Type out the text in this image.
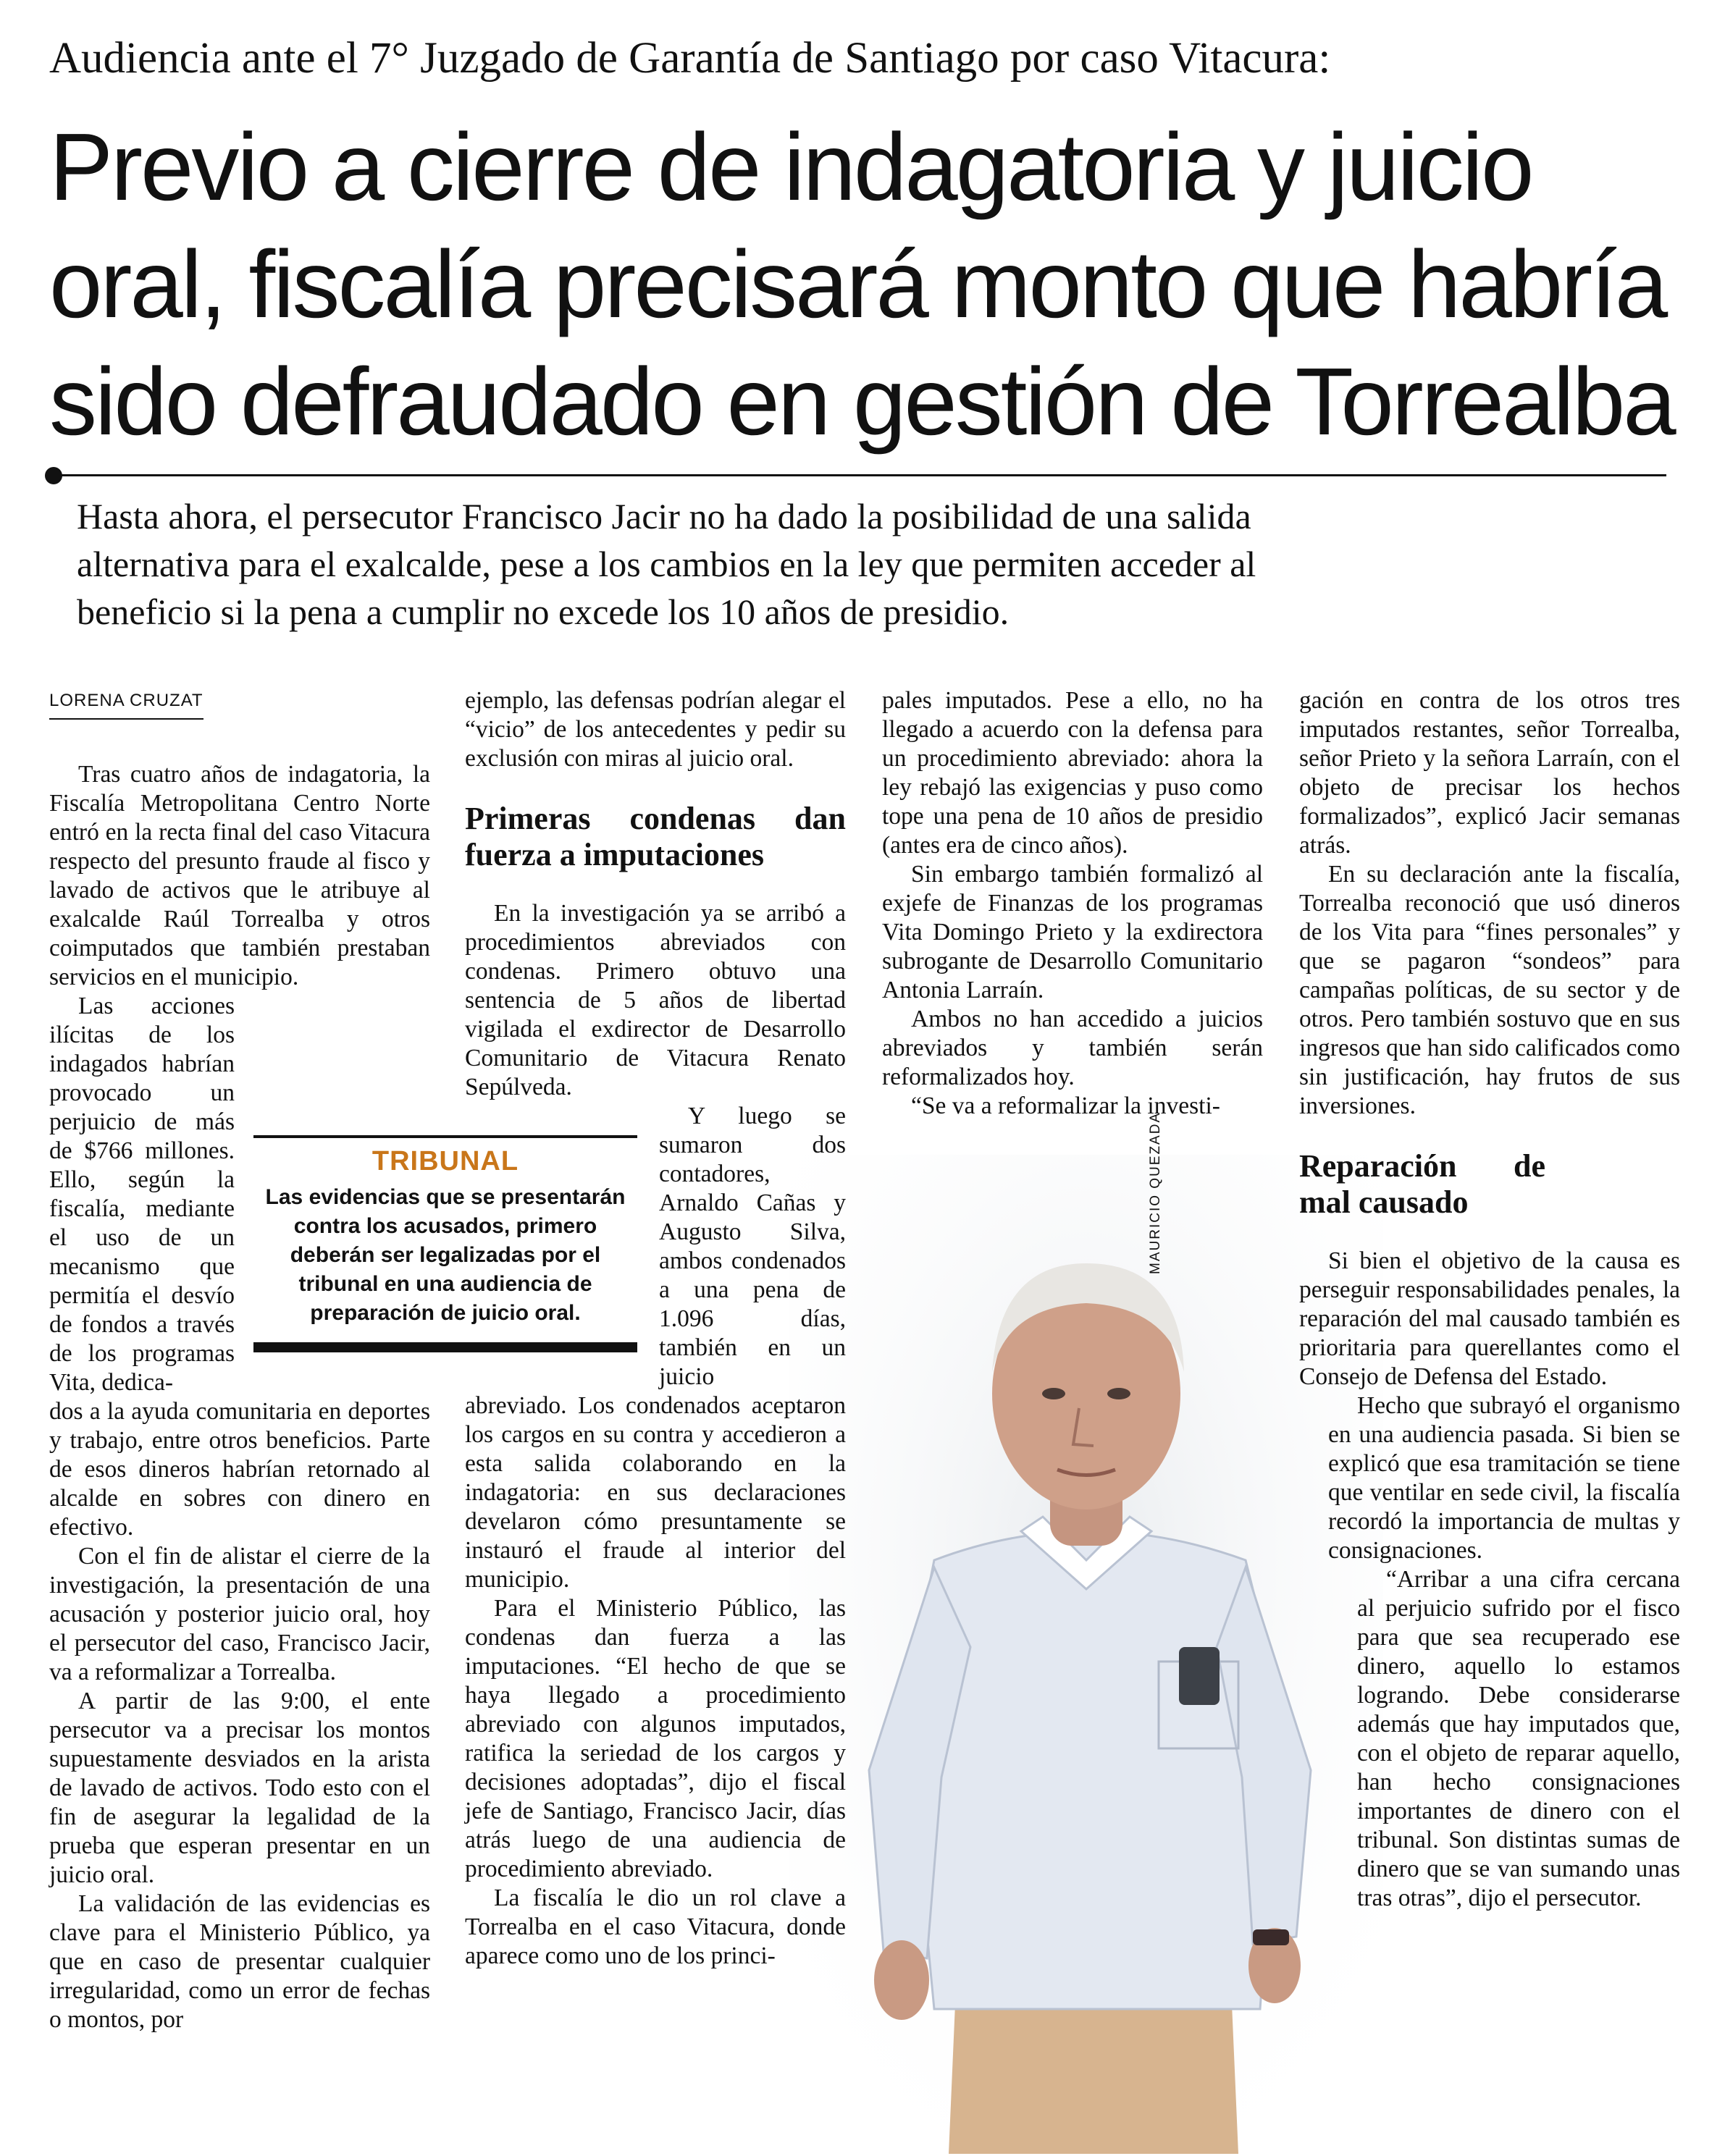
Audiencia ante el 7° Juzgado de Garantía de Santiago por caso Vitacura:
Previo a cierre de indagatoria y juicio
oral, fiscalía precisará monto que habría
sido defraudado en gestión de Torrealba
Hasta ahora, el persecutor Francisco Jacir no ha dado la posibilidad de una salida
alternativa para el exalcalde, pese a los cambios en la ley que permiten acceder al
beneficio si la pena a cumplir no excede los 10 años de presidio.
MAURICIO QUEZADA
LORENA CRUZAT

Tras cuatro años de indagatoria, la Fiscalía Metropolitana Centro Norte entró en la recta final del caso Vitacura respecto del presunto fraude al fisco y lavado de activos que le atribuye al exalcalde Raúl Torrealba y otros coimputados que también prestaban servicios en el municipio.

Las acciones ilícitas de los indagados habrían provocado un perjuicio de más de $766 millones. Ello, según la fiscalía, mediante el uso de un mecanismo que permitía el desvío de fondos a través de los programas Vita, dedica-

dos a la ayuda comunitaria en deportes y trabajo, entre otros beneficios. Parte de esos dineros habrían retornado al alcalde en sobres con dinero en efectivo.

Con el fin de alistar el cierre de la investigación, la presentación de una acusación y posterior juicio oral, hoy el persecutor del caso, Francisco Jacir, va a reformalizar a Torrealba.

A partir de las 9:00, el ente persecutor va a precisar los montos supuestamente desviados en la arista de lavado de activos. Todo esto con el fin de asegurar la legalidad de la prueba que esperan presentar en un juicio oral.

La validación de las evidencias es clave para el Ministerio Público, ya que en caso de presentar cualquier irregularidad, como un error de fechas o montos, por

TRIBUNAL
Las evidencias que se presentarán contra los acusados, primero deberán ser legalizadas por el tribunal en una audiencia de preparación de juicio oral.

ejemplo, las defensas podrían alegar el “vicio” de los antecedentes y pedir su exclusión con miras al juicio oral.

Primeras condenas dan fuerza a imputaciones

En la investigación ya se arribó a procedimientos abreviados con condenas. Primero obtuvo una sentencia de 5 años de libertad vigilada el exdirector de Desarrollo Comunitario de Vitacura Renato Sepúlveda.

Y luego se sumaron dos contadores, Arnaldo Cañas y Augusto Silva, ambos condenados a una pena de 1.096 días, también en un juicio

abreviado. Los condenados aceptaron los cargos en su contra y accedieron a esta salida colaborando en la indagatoria: en sus declaraciones develaron cómo presuntamente se instauró el fraude al interior del municipio.

Para el Ministerio Público, las condenas dan fuerza a las imputaciones. “El hecho de que se haya llegado a procedimiento abreviado con algunos imputados, ratifica la seriedad de los cargos y decisiones adoptadas”, dijo el fiscal jefe de Santiago, Francisco Jacir, días atrás luego de una audiencia de procedimiento abreviado.

La fiscalía le dio un rol clave a Torrealba en el caso Vitacura, donde aparece como uno de los princi-

pales imputados. Pese a ello, no ha llegado a acuerdo con la defensa para un procedimiento abreviado: ahora la ley rebajó las exigencias y puso como tope una pena de 10 años de presidio (antes era de cinco años).

Sin embargo también formalizó al exjefe de Finanzas de los programas Vita Domingo Prieto y la exdirectora subrogante de Desarrollo Comunitario Antonia Larraín.

Ambos no han accedido a juicios abreviados y también serán reformalizados hoy.

“Se va a reformalizar la investi-

gación en contra de los otros tres imputados restantes, señor Torrealba, señor Prieto y la señora Larraín, con el objeto de precisar los hechos formalizados”, explicó Jacir semanas atrás.

En su declaración ante la fiscalía, Torrealba reconoció que usó dineros de los Vita para “fines personales” y que se pagaron “sondeos” para campañas políticas, de su sector y de otros. Pero también sostuvo que en sus ingresos que han sido calificados como sin justificación, hay frutos de sus inversiones.

Reparación de mal causado

Si bien el objetivo de la causa es perseguir responsabilidades penales, la reparación del mal causado también es prioritaria para querellantes como el Consejo de Defensa del Estado.

Hecho que subrayó el organismo en una audiencia pasada. Si bien se explicó que esa tramitación se tiene que ventilar en sede civil, la fiscalía recordó la importancia de multas y consignaciones.

“Arribar a una cifra cercana al perjuicio sufrido por el fisco para que sea recuperado ese dinero, aquello lo estamos logrando. Debe considerarse además que hay imputados que, con el objeto de reparar aquello, han hecho consignaciones importantes de dinero con el tribunal. Son distintas sumas de dinero que se van sumando unas tras otras”, dijo el persecutor.
